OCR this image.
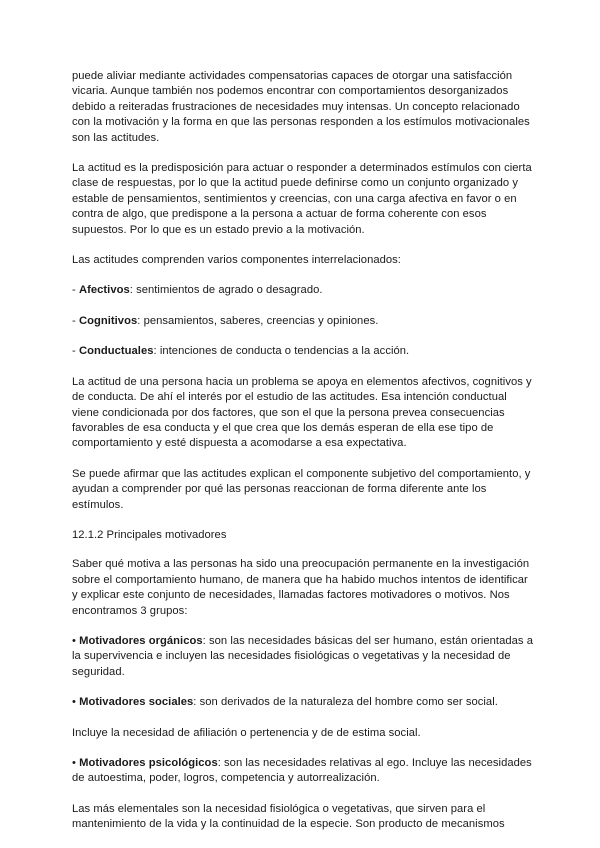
puede aliviar mediante actividades compensatorias capaces de otorgar una satisfacción vicaria. Aunque también nos podemos encontrar con comportamientos desorganizados debido a reiteradas frustraciones de necesidades muy intensas. Un concepto relacionado con la motivación y la forma en que las personas responden a los estímulos motivacionales son las actitudes.

La actitud es la predisposición para actuar o responder a determinados estímulos con cierta clase de respuestas, por lo que la actitud puede definirse como un conjunto organizado y estable de pensamientos, sentimientos y creencias, con una carga afectiva en favor o en contra de algo, que predispone a la persona a actuar de forma coherente con esos supuestos. Por lo que es un estado previo a la motivación.

Las actitudes comprenden varios componentes interrelacionados:

- Afectivos: sentimientos de agrado o desagrado.

- Cognitivos: pensamientos, saberes, creencias y opiniones.

- Conductuales: intenciones de conducta o tendencias a la acción.

La actitud de una persona hacia un problema se apoya en elementos afectivos, cognitivos y de conducta. De ahí el interés por el estudio de las actitudes. Esa intención conductual viene condicionada por dos factores, que son el que la persona prevea consecuencias favorables de esa conducta y el que crea que los demás esperan de ella ese tipo de comportamiento y esté dispuesta a acomodarse a esa expectativa.

Se puede afirmar que las actitudes explican el componente subjetivo del comportamiento, y ayudan a comprender por qué las personas reaccionan de forma diferente ante los estímulos.

12.1.2 Principales motivadores

Saber qué motiva a las personas ha sido una preocupación permanente en la investigación sobre el comportamiento humano, de manera que ha habido muchos intentos de identificar y explicar este conjunto de necesidades, llamadas factores motivadores o motivos. Nos encontramos 3 grupos:

• Motivadores orgánicos: son las necesidades básicas del ser humano, están orientadas a la supervivencia e incluyen las necesidades fisiológicas o vegetativas y la necesidad de seguridad.

• Motivadores sociales: son derivados de la naturaleza del hombre como ser social.

Incluye la necesidad de afiliación o pertenencia y de de estima social.

• Motivadores psicológicos: son las necesidades relativas al ego. Incluye las necesidades de autoestima, poder, logros, competencia y autorrealización.

Las más elementales son la necesidad fisiológica o vegetativas, que sirven para el mantenimiento de la vida y la continuidad de la especie. Son producto de mecanismos
